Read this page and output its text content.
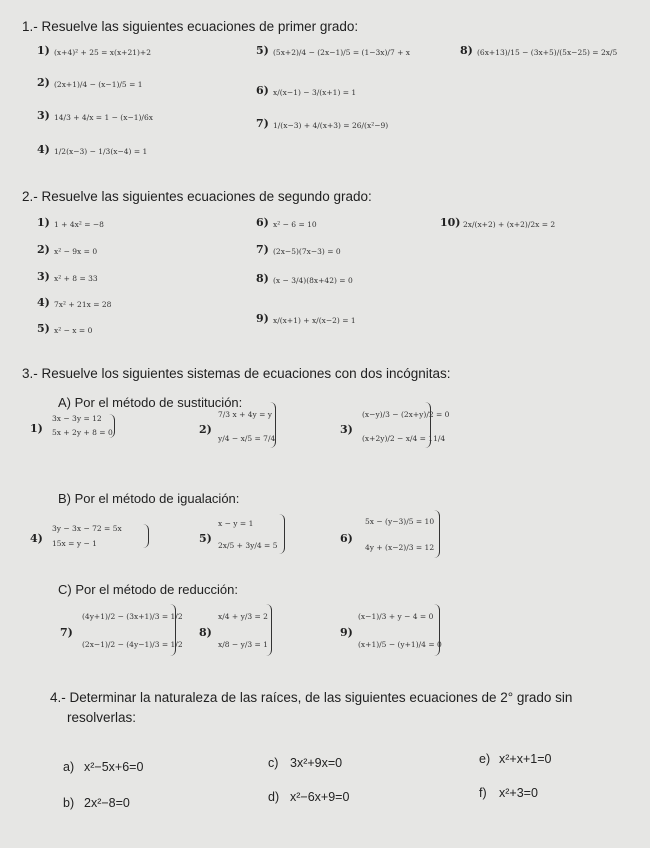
1.- Resuelve las siguientes ecuaciones de primer grado:
1) (x+4)² + 25 = x(x+21)+2
2) (2x+1)/4 − (x−1)/5 = 1
3) 14/3 + 4/x = 1 − (x−1)/6x
4) 1/2(x−3) − 1/3(x−4) = 1
5) (5x+2)/4 − (2x−1)/5 = (1−3x)/7 + x
6) x/(x−1) − 3/(x+1) = 1
7) 1/(x−3) + 4/(x+3) = 26/(x²−9)
8) (6x+13)/15 − (3x+5)/(5x−25) = 2x/5
2.- Resuelve las siguientes ecuaciones de segundo grado:
1) 1 + 4x² = −8
2) x² − 9x = 0
3) x² + 8 = 33
4) 7x² + 21x = 28
5) x² − x = 0
6) x² − 6 = 10
7) (2x−5)(7x−3) = 0
8) (x − 3/4)(8x+42) = 0
9) x/(x+1) + x/(x−2) = 1
10) 2x/(x+2) + (x+2)/2x = 2
3.- Resuelve los siguientes sistemas de ecuaciones con dos incógnitas:
A) Por el método de sustitución:
1)
3x − 3y = 12
5x + 2y + 8 = 0	2)
7/3 x + 4y = y
y/4 − x/5 = 7/4
3)
(x−y)/3 − (2x+y)/2 = 0
(x+2y)/2 − x/4 = 11/4
B) Por el método de igualación:
4)
3y − 3x − 72 = 5x
15x = y − 1	5)
x − y = 1
2x/5 + 3y/4 = 5
6)
5x − (y−3)/5 = 10
4y + (x−2)/3 = 12
C) Por el método de reducción:
7)
(4y+1)/2 − (3x+1)/3 = 1/2
(2x−1)/2 − (4y−1)/3 = 1/2
8)
x/4 + y/3 = 2
x/8 − y/3 = 1
9)
(x−1)/3 + y − 4 = 0
(x+1)/5 − (y+1)/4 = 0
4.- Determinar la naturaleza de las raíces, de las siguientes ecuaciones de 2° grado sin
resolverlas:
a) x²−5x+6=0
b) 2x²−8=0
c) 3x²+9x=0
d) x²−6x+9=0
e) x²+x+1=0
f) x²+3=0
